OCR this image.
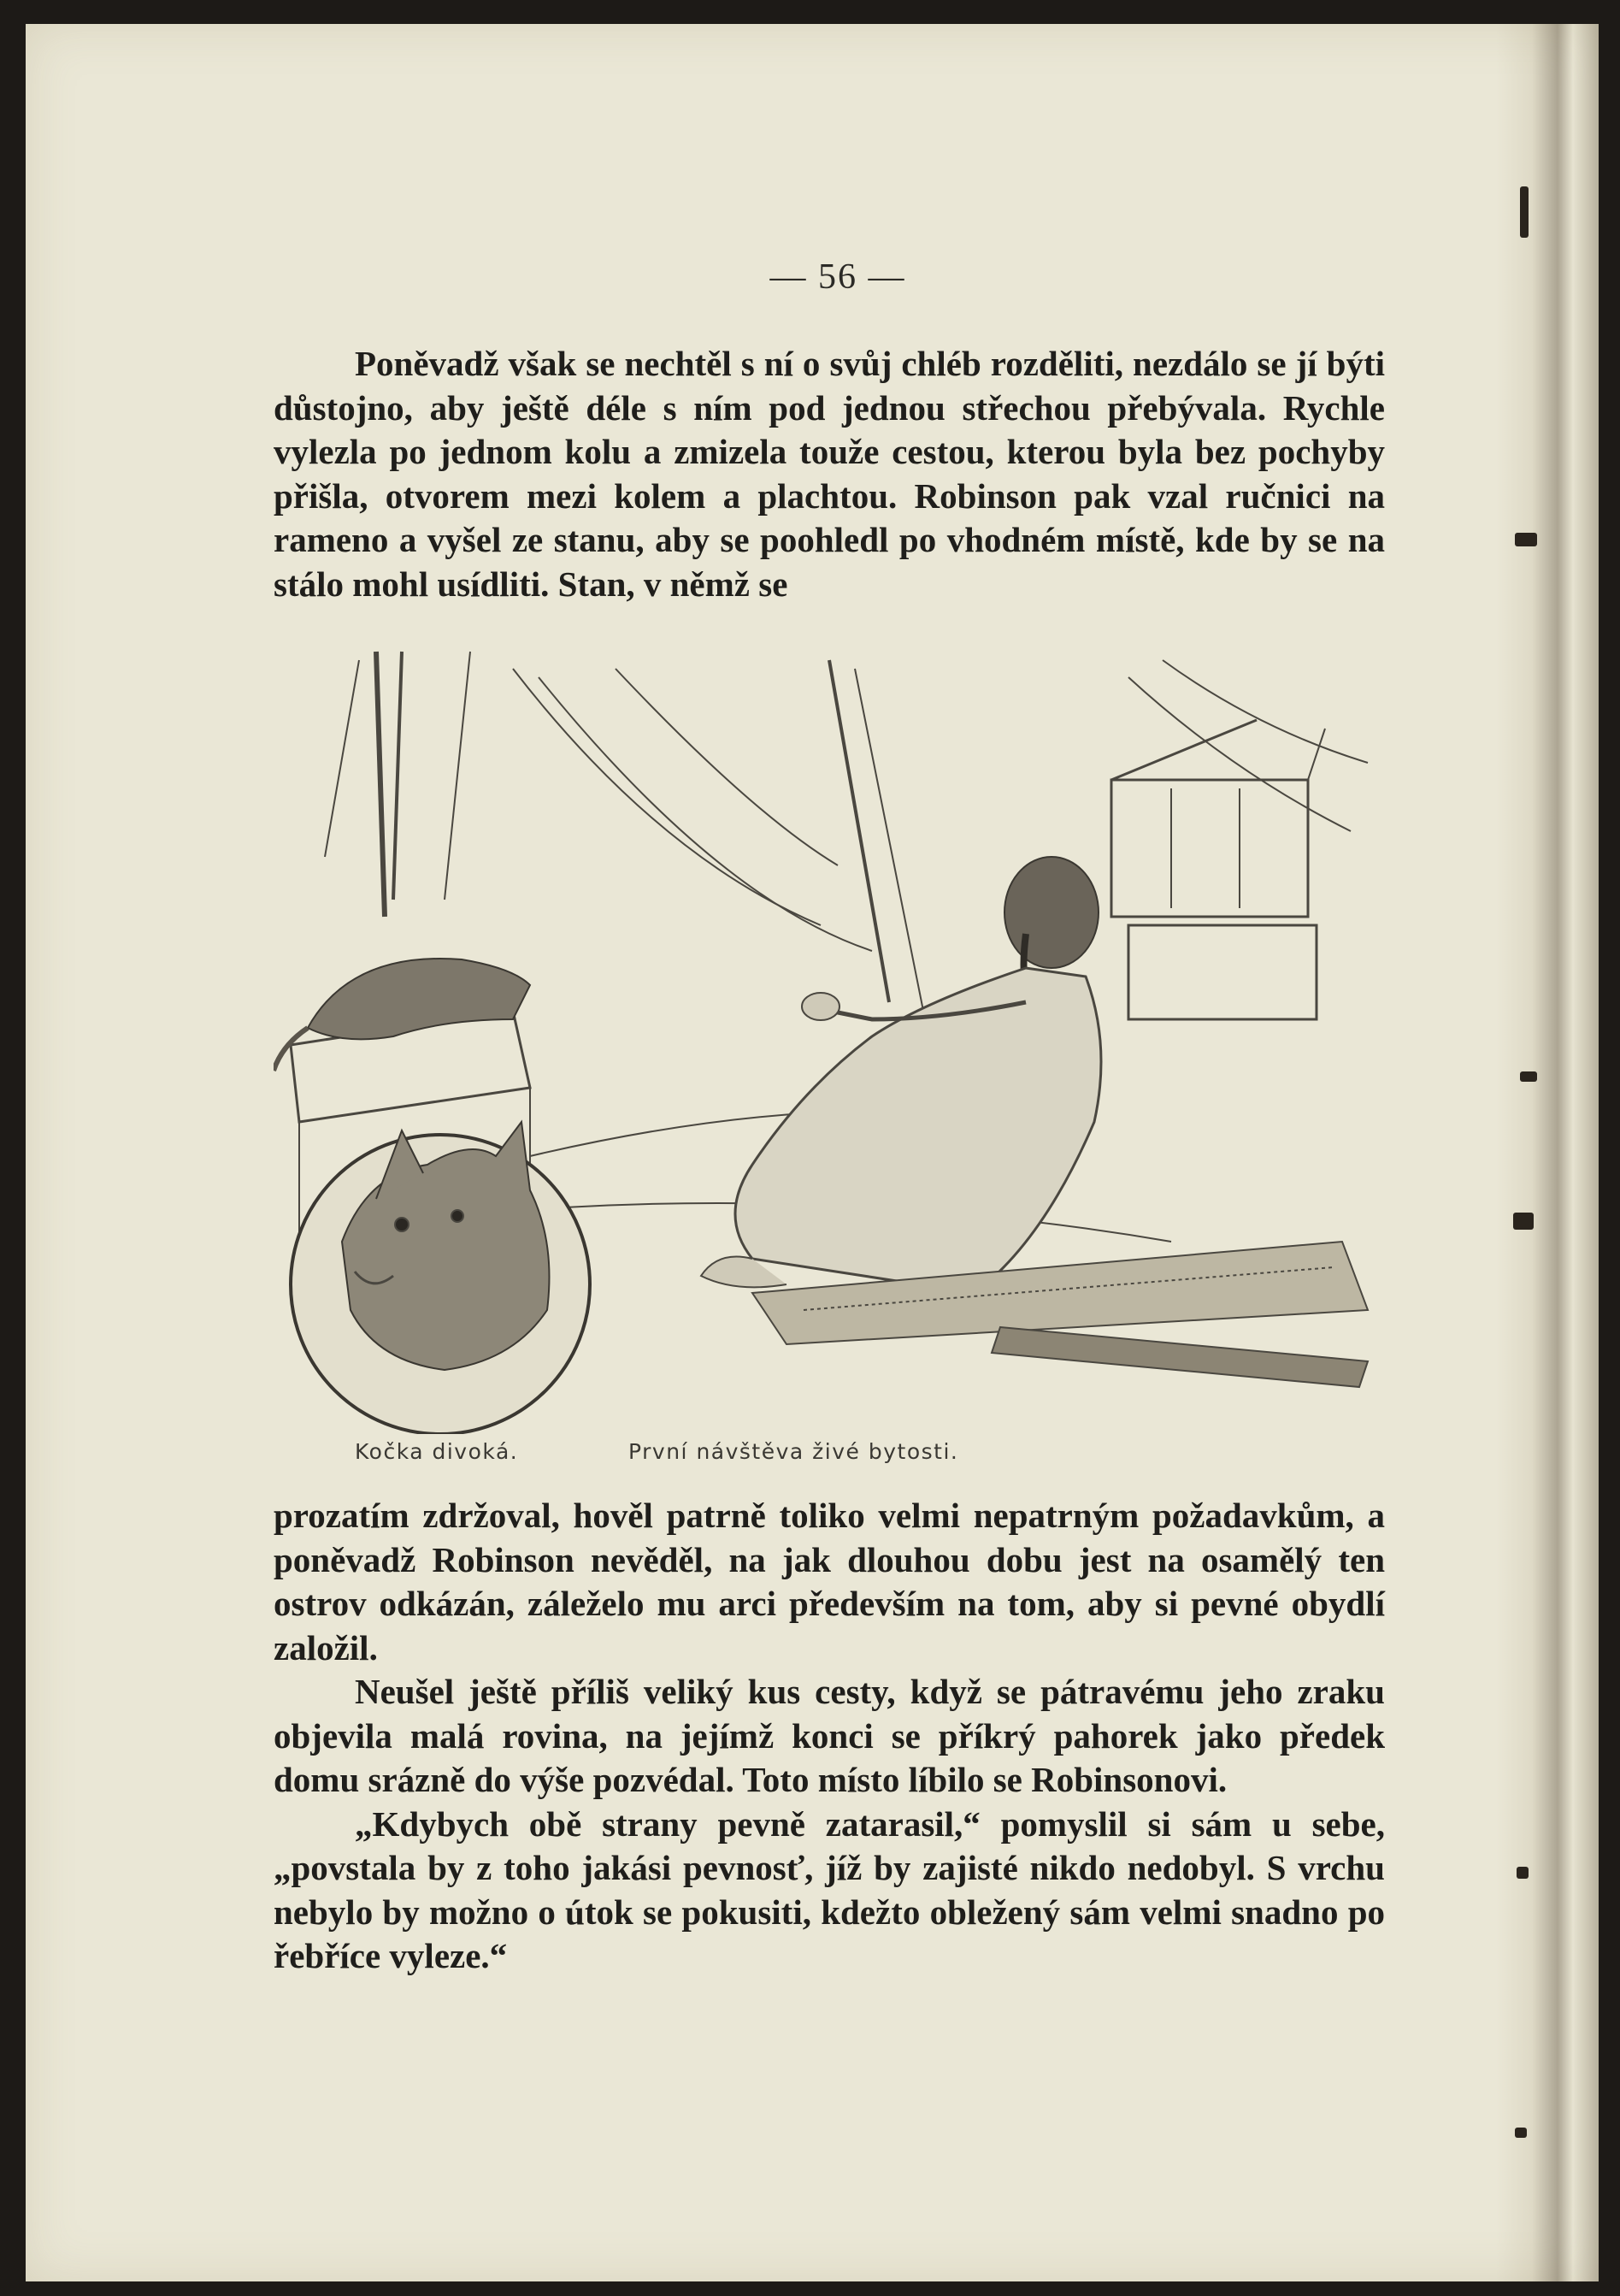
— 56 —

Poněvadž však se nechtěl s ní o svůj chléb rozděliti, nezdálo se jí býti důstojno, aby ještě déle s ním pod jednou střechou přebývala. Rychle vylezla po jednom kolu a zmizela touže cestou, kterou byla bez pochyby přišla, otvorem mezi kolem a plachtou. Robinson pak vzal ručnici na rameno a vyšel ze stanu, aby se poohledl po vhodném místě, kde by se na stálo mohl usídliti. Stan, v němž se

Kočka divoká.	První návštěva živé bytosti.

prozatím zdržoval, hověl patrně toliko velmi nepatrným požadavkům, a poněvadž Robinson nevěděl, na jak dlouhou dobu jest na osamělý ten ostrov odkázán, záleželo mu arci především na tom, aby si pevné obydlí založil.

Neušel ještě příliš veliký kus cesty, když se pátravému jeho zraku objevila malá rovina, na jejímž konci se příkrý pahorek jako předek domu srázně do výše pozvédal. Toto místo líbilo se Robinsonovi.

„Kdybych obě strany pevně zatarasil,“ pomyslil si sám u sebe, „povstala by z toho jakási pevnosť, jíž by zajisté nikdo nedobyl. S vrchu nebylo by možno o útok se pokusiti, kdežto obležený sám velmi snadno po řebříce vyleze.“
